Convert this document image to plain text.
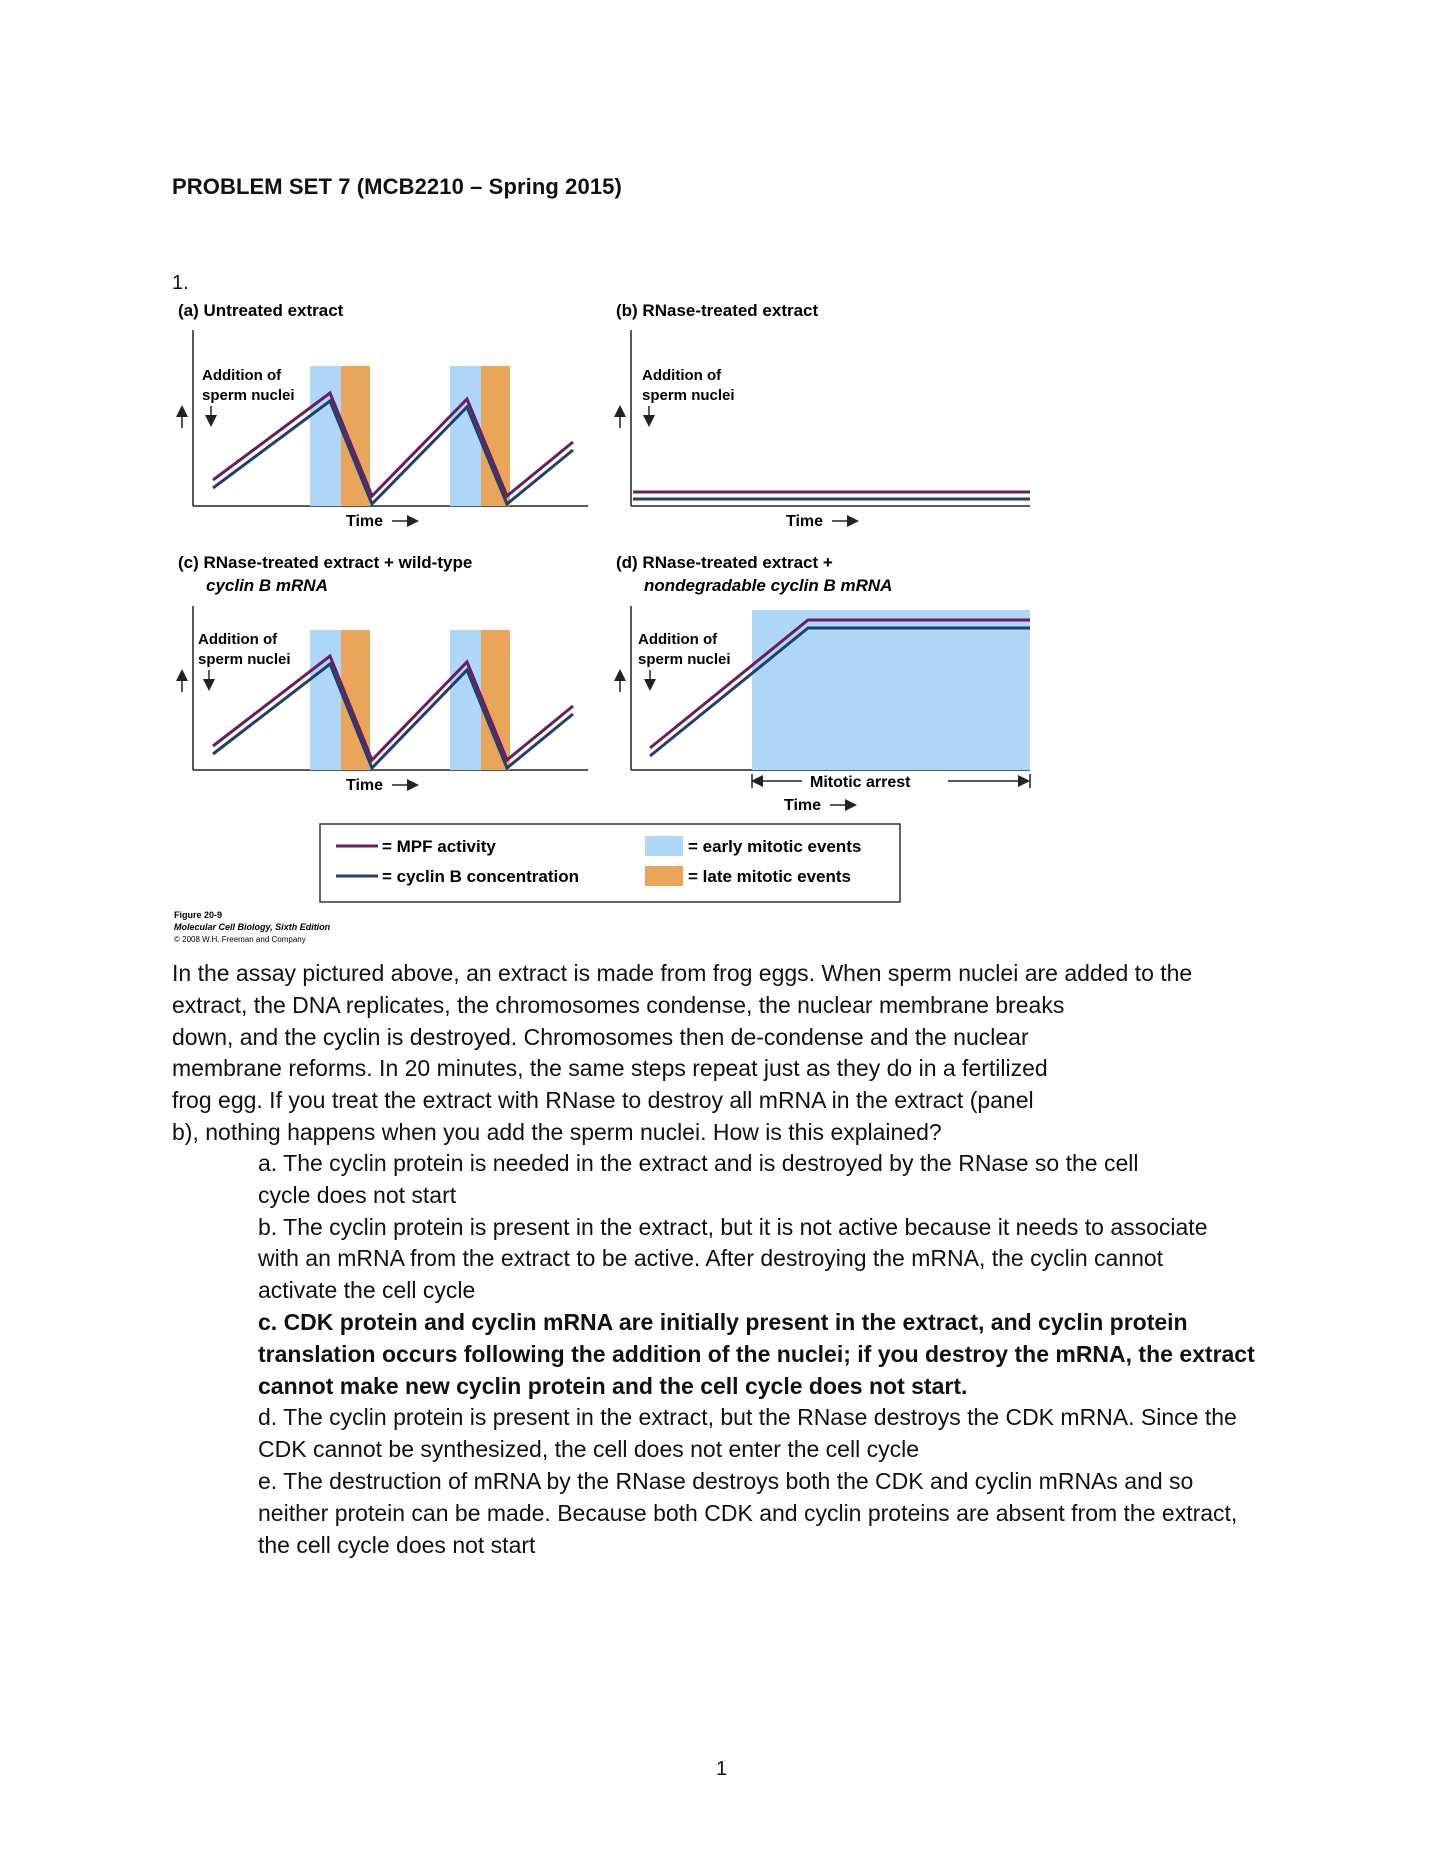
PROBLEM SET 7 (MCB2210 – Spring 2015)
1.
(a) Untreated extract
Addition of
sperm nuclei
Time
(b) RNase-treated extract
Addition of
sperm nuclei
Time
(c) RNase-treated extract + wild-type
cyclin B mRNA
Addition of
sperm nuclei
Time
(d) RNase-treated extract +
nondegradable cyclin B mRNA
Addition of
sperm nuclei
Mitotic arrest
Time
= MPF activity
= cyclin B concentration
= early mitotic events
= late mitotic events
Figure 20-9
Molecular Cell Biology, Sixth Edition
© 2008 W.H. Freeman and Company
In the assay pictured above, an extract is made from frog eggs. When sperm nuclei are added to the
extract, the DNA replicates, the chromosomes condense, the nuclear membrane breaks
down, and the cyclin is destroyed. Chromosomes then de-condense and the nuclear
membrane reforms. In 20 minutes, the same steps repeat just as they do in a fertilized
frog egg. If you treat the extract with RNase to destroy all mRNA in the extract (panel
b), nothing happens when you add the sperm nuclei. How is this explained?
a. The cyclin protein is needed in the extract and is destroyed by the RNase so the cell
cycle does not start
b. The cyclin protein is present in the extract, but it is not active because it needs to associate
with an mRNA from the extract to be active. After destroying the mRNA, the cyclin cannot
activate the cell cycle
c. CDK protein and cyclin mRNA are initially present in the extract, and cyclin protein
translation occurs following the addition of the nuclei; if you destroy the mRNA, the extract
cannot make new cyclin protein and the cell cycle does not start.
d. The cyclin protein is present in the extract, but the RNase destroys the CDK mRNA. Since the
CDK cannot be synthesized, the cell does not enter the cell cycle
e. The destruction of mRNA by the RNase destroys both the CDK and cyclin mRNAs and so
neither protein can be made. Because both CDK and cyclin proteins are absent from the extract,
the cell cycle does not start
1
